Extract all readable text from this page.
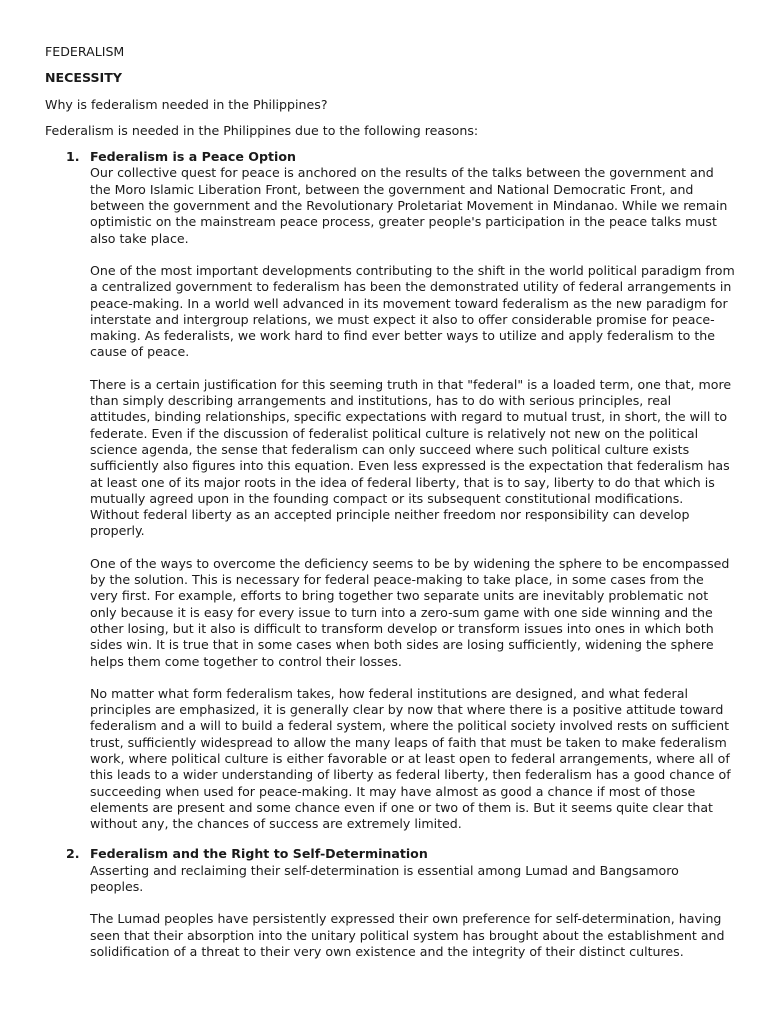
FEDERALISM

NECESSITY

Why is federalism needed in the Philippines?

Federalism is needed in the Philippines due to the following reasons:

1. Federalism is a Peace Option

Our collective quest for peace is anchored on the results of the talks between the government and the Moro Islamic Liberation Front, between the government and National Democratic Front, and between the government and the Revolutionary Proletariat Movement in Mindanao. While we remain optimistic on the mainstream peace process, greater people's participation in the peace talks must also take place.

One of the most important developments contributing to the shift in the world political paradigm from a centralized government to federalism has been the demonstrated utility of federal arrangements in peace-making. In a world well advanced in its movement toward federalism as the new paradigm for interstate and intergroup relations, we must expect it also to offer considerable promise for peace-making. As federalists, we work hard to find ever better ways to utilize and apply federalism to the cause of peace.

There is a certain justification for this seeming truth in that "federal" is a loaded term, one that, more than simply describing arrangements and institutions, has to do with serious principles, real attitudes, binding relationships, specific expectations with regard to mutual trust, in short, the will to federate. Even if the discussion of federalist political culture is relatively not new on the political science agenda, the sense that federalism can only succeed where such political culture exists sufficiently also figures into this equation. Even less expressed is the expectation that federalism has at least one of its major roots in the idea of federal liberty, that is to say, liberty to do that which is mutually agreed upon in the founding compact or its subsequent constitutional modifications. Without federal liberty as an accepted principle neither freedom nor responsibility can develop properly.

One of the ways to overcome the deficiency seems to be by widening the sphere to be encompassed by the solution. This is necessary for federal peace-making to take place, in some cases from the very first. For example, efforts to bring together two separate units are inevitably problematic not only because it is easy for every issue to turn into a zero-sum game with one side winning and the other losing, but it also is difficult to transform develop or transform issues into ones in which both sides win. It is true that in some cases when both sides are losing sufficiently, widening the sphere helps them come together to control their losses.

No matter what form federalism takes, how federal institutions are designed, and what federal principles are emphasized, it is generally clear by now that where there is a positive attitude toward federalism and a will to build a federal system, where the political society involved rests on sufficient trust, sufficiently widespread to allow the many leaps of faith that must be taken to make federalism work, where political culture is either favorable or at least open to federal arrangements, where all of this leads to a wider understanding of liberty as federal liberty, then federalism has a good chance of succeeding when used for peace-making. It may have almost as good a chance if most of those elements are present and some chance even if one or two of them is. But it seems quite clear that without any, the chances of success are extremely limited.

2. Federalism and the Right to Self-Determination

Asserting and reclaiming their self-determination is essential among Lumad and Bangsamoro peoples.

The Lumad peoples have persistently expressed their own preference for self-determination, having seen that their absorption into the unitary political system has brought about the establishment and solidification of a threat to their very own existence and the integrity of their distinct cultures.
